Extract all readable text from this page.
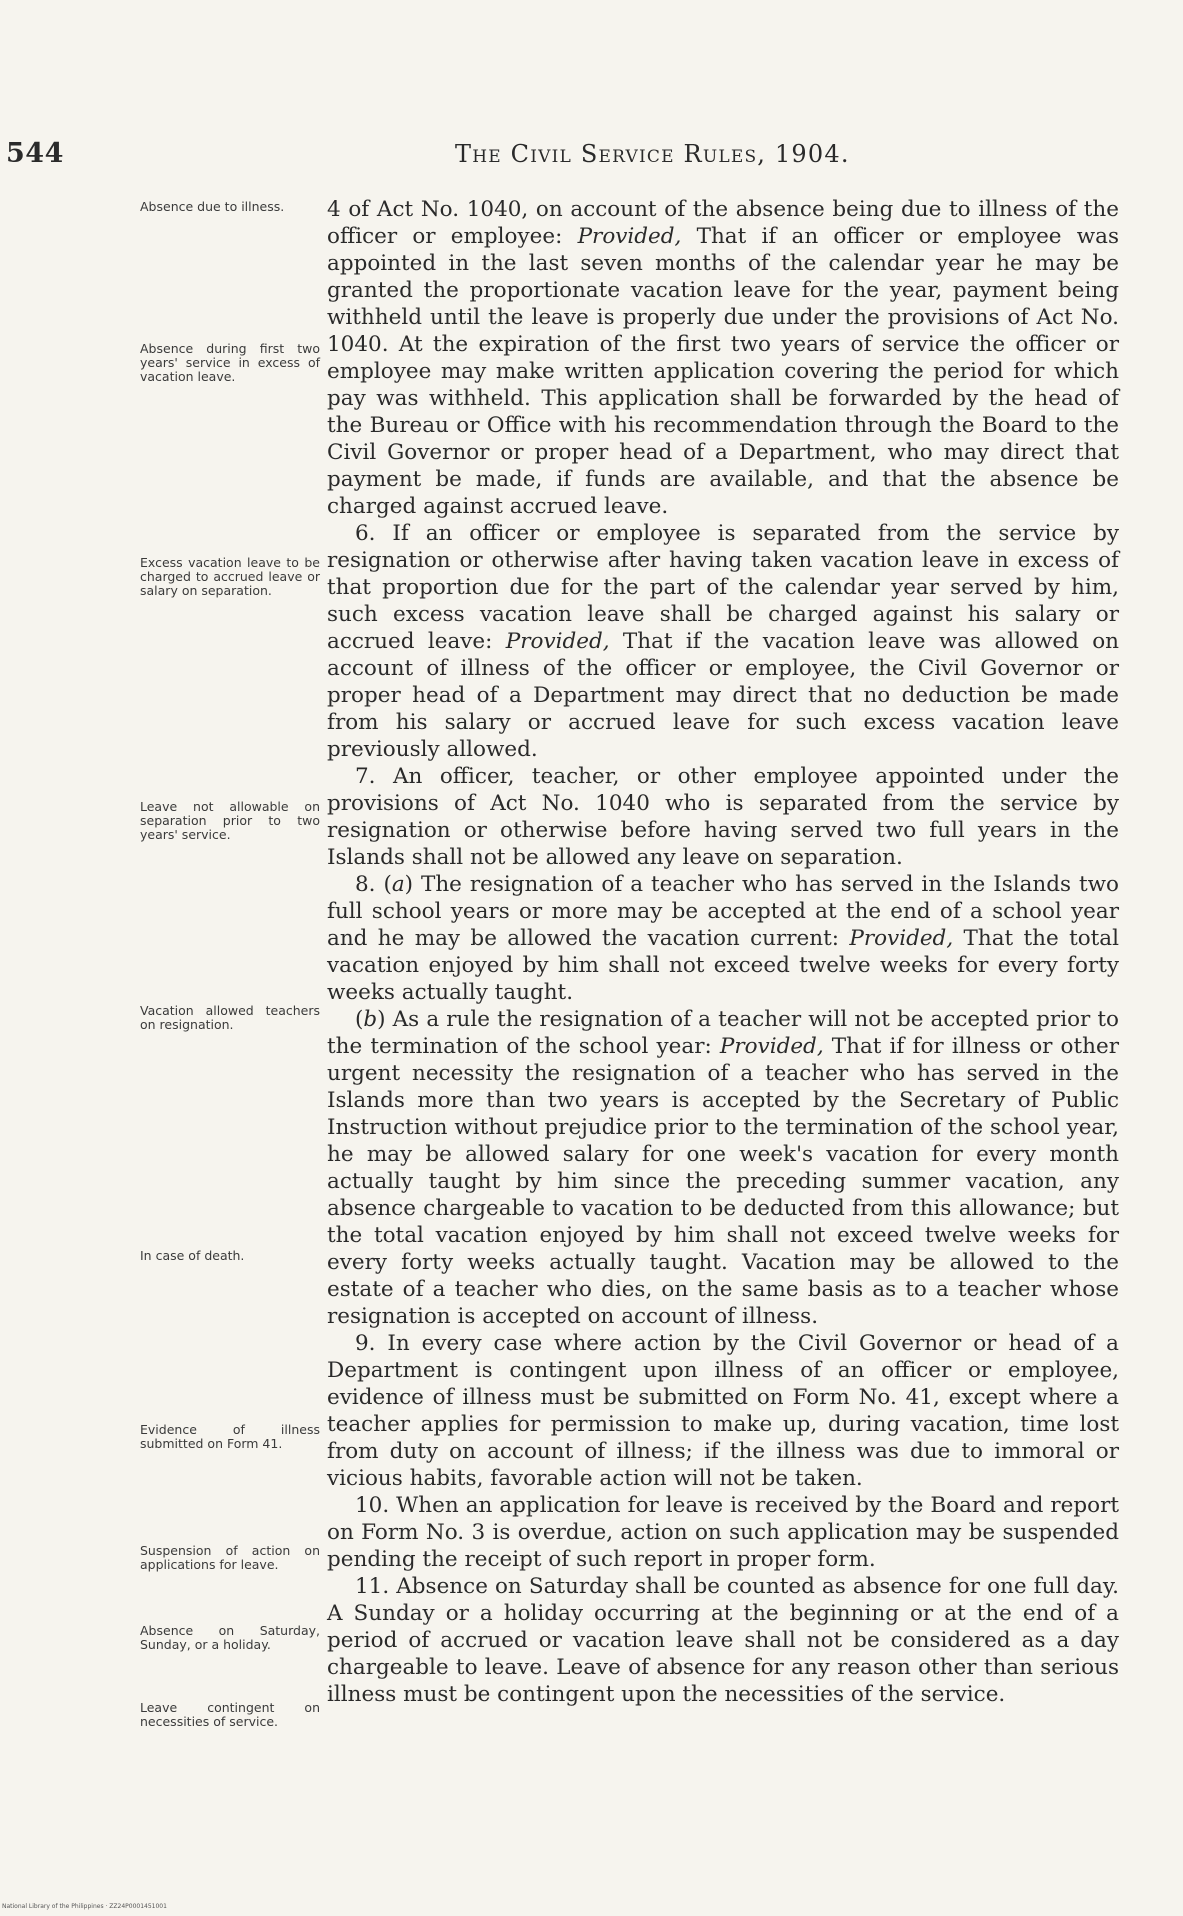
544	The Civil Service Rules, 1904.
Absence due to illness.
Absence during first two years' service in excess of vacation leave.
Excess vacation leave to be charged to accrued leave or salary on separation.
Leave not allowable on separation prior to two years' service.
Vacation allowed teachers on resignation.
In case of death.
Evidence of illness submitted on Form 41.
Suspension of action on applications for leave.
Absence on Saturday, Sunday, or a holiday.
Leave contingent on necessities of service.

4 of Act No. 1040, on account of the absence being due to illness of the officer or employee: Provided, That if an officer or employee was appointed in the last seven months of the calendar year he may be granted the proportionate vacation leave for the year, payment being withheld until the leave is properly due under the provisions of Act No. 1040. At the expiration of the first two years of service the officer or employee may make written application covering the period for which pay was withheld. This application shall be forwarded by the head of the Bureau or Office with his recommendation through the Board to the Civil Governor or proper head of a Department, who may direct that payment be made, if funds are available, and that the absence be charged against accrued leave.

6. If an officer or employee is separated from the service by resignation or otherwise after having taken vacation leave in excess of that proportion due for the part of the calendar year served by him, such excess vacation leave shall be charged against his salary or accrued leave: Provided, That if the vacation leave was allowed on account of illness of the officer or employee, the Civil Governor or proper head of a Department may direct that no deduction be made from his salary or accrued leave for such excess vacation leave previously allowed.

7. An officer, teacher, or other employee appointed under the provisions of Act No. 1040 who is separated from the service by resignation or otherwise before having served two full years in the Islands shall not be allowed any leave on separation.

8. (a) The resignation of a teacher who has served in the Islands two full school years or more may be accepted at the end of a school year and he may be allowed the vacation current: Provided, That the total vacation enjoyed by him shall not exceed twelve weeks for every forty weeks actually taught.

(b) As a rule the resignation of a teacher will not be accepted prior to the termination of the school year: Provided, That if for illness or other urgent necessity the resignation of a teacher who has served in the Islands more than two years is accepted by the Secretary of Public Instruction without prejudice prior to the termination of the school year, he may be allowed salary for one week's vacation for every month actually taught by him since the preceding summer vacation, any absence chargeable to vacation to be deducted from this allowance; but the total vacation enjoyed by him shall not exceed twelve weeks for every forty weeks actually taught. Vacation may be allowed to the estate of a teacher who dies, on the same basis as to a teacher whose resignation is accepted on account of illness.

9. In every case where action by the Civil Governor or head of a Department is contingent upon illness of an officer or employee, evidence of illness must be submitted on Form No. 41, except where a teacher applies for permission to make up, during vacation, time lost from duty on account of illness; if the illness was due to immoral or vicious habits, favorable action will not be taken.

10. When an application for leave is received by the Board and report on Form No. 3 is overdue, action on such application may be suspended pending the receipt of such report in proper form.

11. Absence on Saturday shall be counted as absence for one full day. A Sunday or a holiday occurring at the beginning or at the end of a period of accrued or vacation leave shall not be considered as a day chargeable to leave. Leave of absence for any reason other than serious illness must be contingent upon the necessities of the service.

National Library of the Philippines · ZZ24P0001451001
